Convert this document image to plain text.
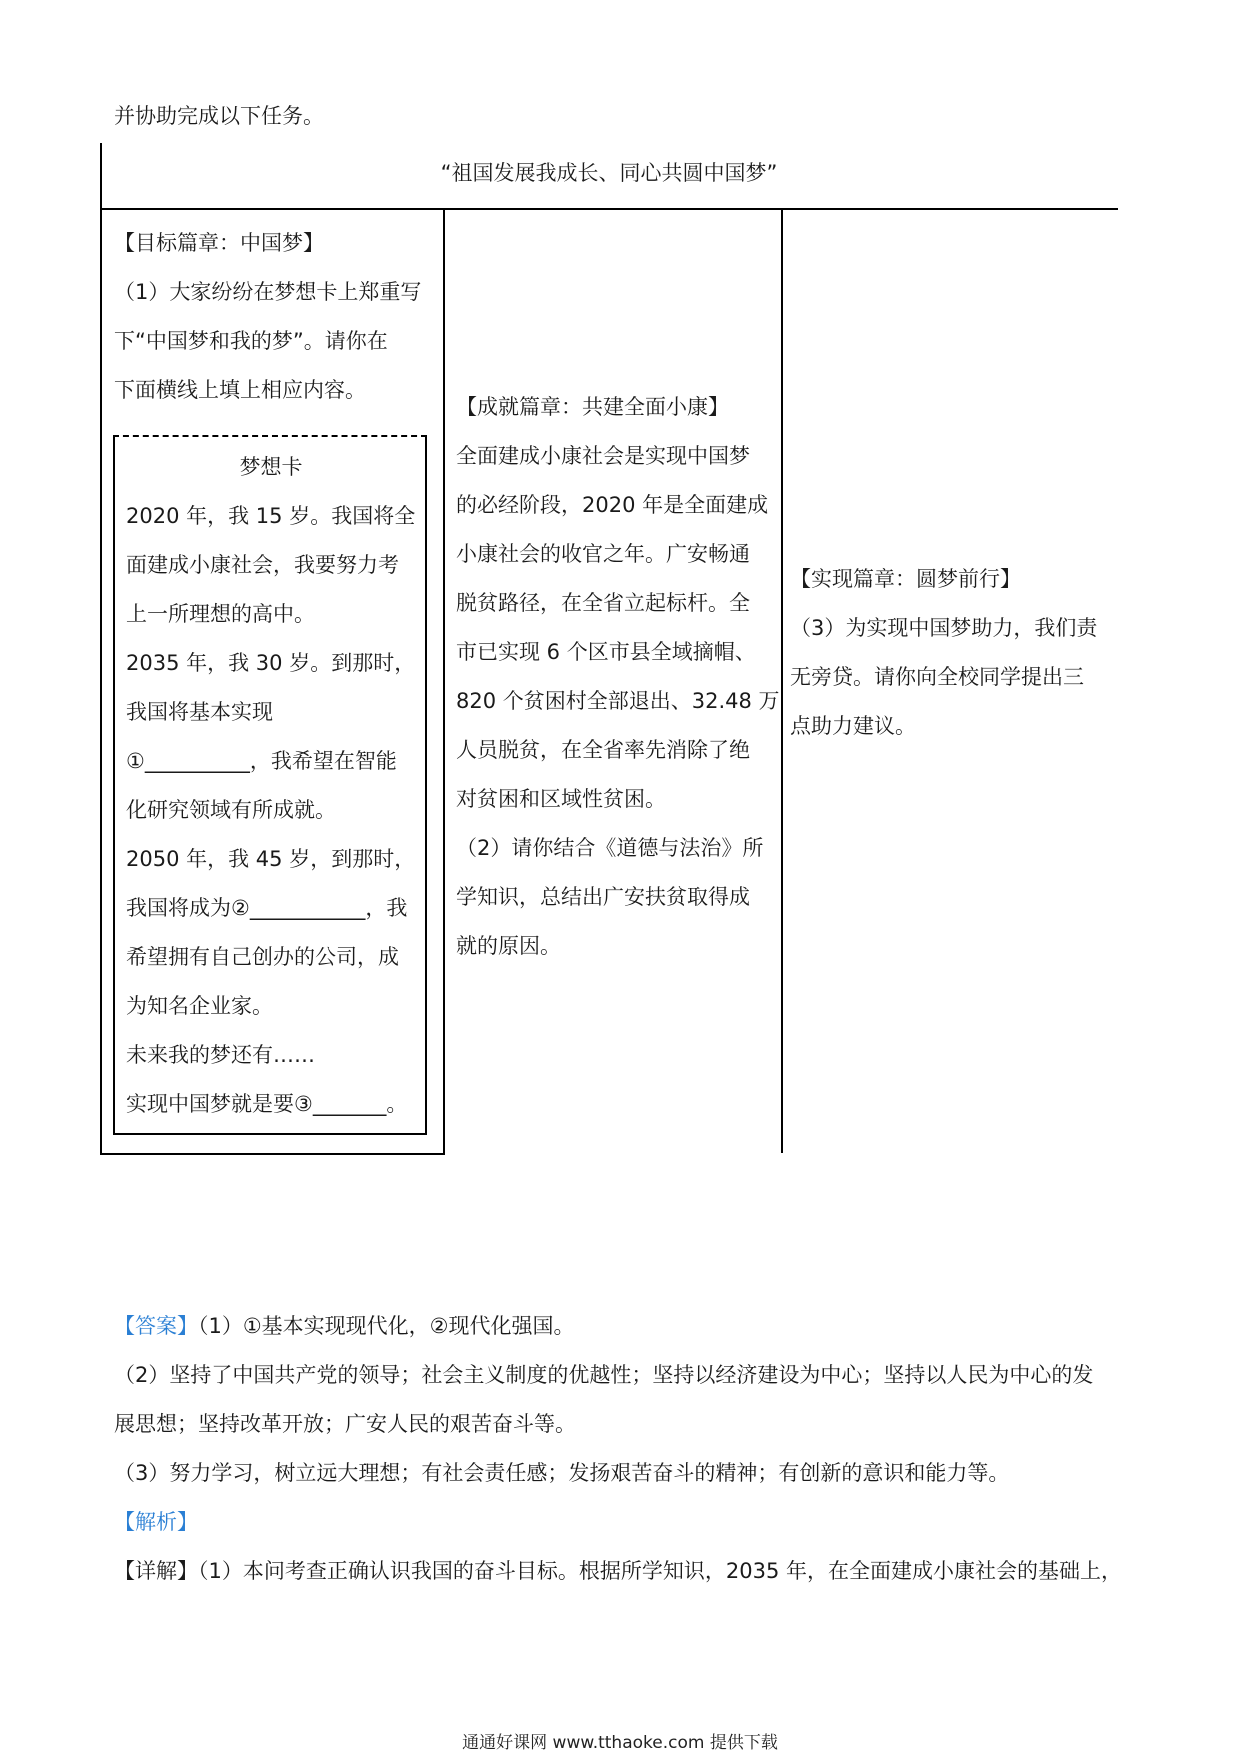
并协助完成以下任务。
“祖国发展我成长、同心共圆中国梦”
【目标篇章：中国梦】
（1）大家纷纷在梦想卡上郑重写
下“中国梦和我的梦”。请你在
下面横线上填上相应内容。
梦想卡
2020 年，我 15 岁。我国将全
面建成小康社会，我要努力考
上一所理想的高中。
2035 年，我 30 岁。到那时，
我国将基本实现
①__________，我希望在智能
化研究领域有所成就。
2050 年，我 45 岁，到那时，
我国将成为②___________，我
希望拥有自己创办的公司，成
为知名企业家。
未来我的梦还有……
实现中国梦就是要③_______。
【成就篇章：共建全面小康】
全面建成小康社会是实现中国梦
的必经阶段，2020 年是全面建成
小康社会的收官之年。广安畅通
脱贫路径，在全省立起标杆。全
市已实现 6 个区市县全域摘帽、
820 个贫困村全部退出、32.48 万
人员脱贫，在全省率先消除了绝
对贫困和区域性贫困。
（2）请你结合《道德与法治》所
学知识，总结出广安扶贫取得成
就的原因。
【实现篇章：圆梦前行】
（3）为实现中国梦助力，我们责
无旁贷。请你向全校同学提出三
点助力建议。
【答案】（1）①基本实现现代化，②现代化强国。
（2）坚持了中国共产党的领导；社会主义制度的优越性；坚持以经济建设为中心；坚持以人民为中心的发
展思想；坚持改革开放；广安人民的艰苦奋斗等。
（3）努力学习，树立远大理想；有社会责任感；发扬艰苦奋斗的精神；有创新的意识和能力等。
【解析】
【详解】（1）本问考查正确认识我国的奋斗目标。根据所学知识，2035 年，在全面建成小康社会的基础上，
通通好课网 www.tthaoke.com 提供下载
